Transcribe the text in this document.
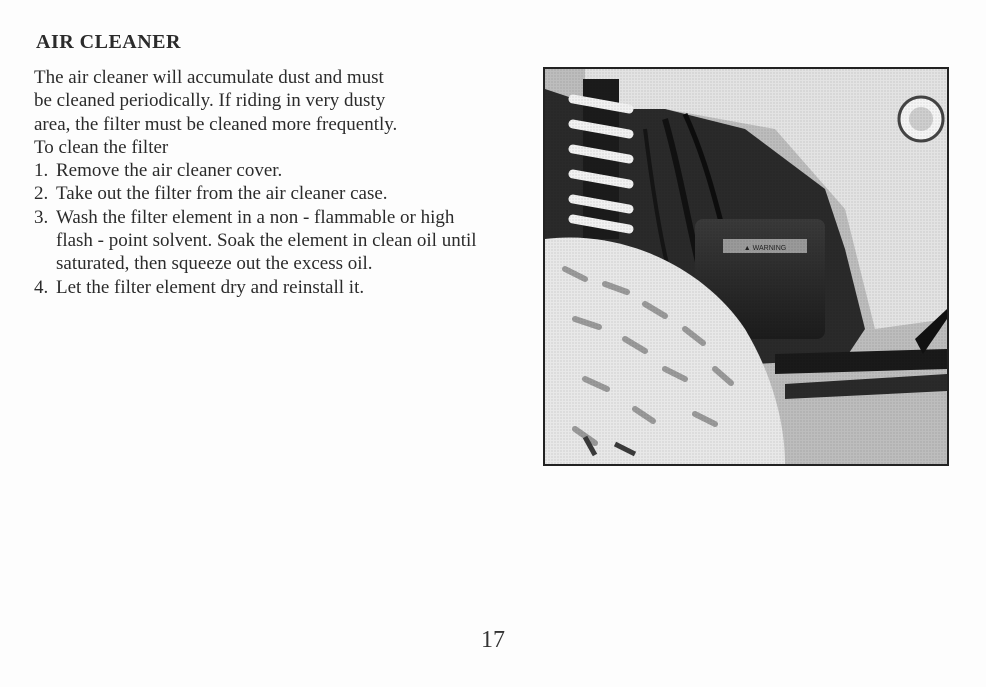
AIR CLEANER

The air cleaner will accumulate dust and must

be cleaned periodically. If riding in very dusty

area, the filter must be cleaned more frequently.

To clean the filter

1. Remove the air cleaner cover.
2. Take out the filter from the air cleaner case.
3. Wash the filter element in a non - flammable or high flash - point solvent. Soak the element in clean oil until saturated, then squeeze out the excess oil.
4. Let the filter element dry and reinstall it.
17
